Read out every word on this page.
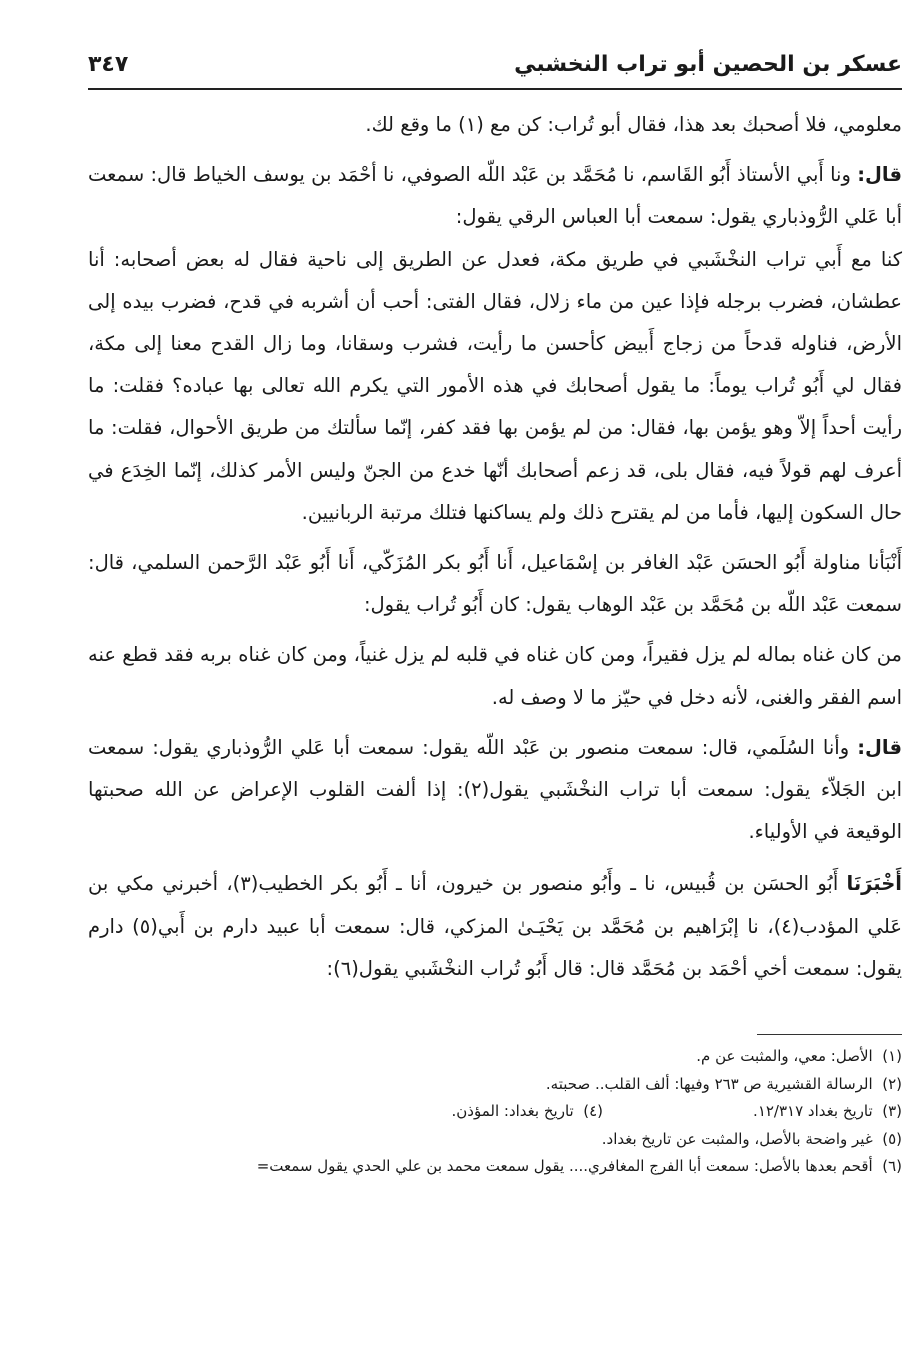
عسكر بن الحصين أبو تراب النخشبي
٣٤٧

معلومي، فلا أصحبك بعد هذا، فقال أبو تُراب: كن مع (١) ما وقع لك.

قال: ونا أَبي الأستاذ أَبُو القَاسم، نا مُحَمَّد بن عَبْد اللّه الصوفي، نا أحْمَد بن يوسف الخياط قال: سمعت أبا عَلي الرُّوذباري يقول: سمعت أبا العباس الرقي يقول:

كنا مع أَبي تراب النخْشَبي في طريق مكة، فعدل عن الطريق إلى ناحية فقال له بعض أصحابه: أنا عطشان، فضرب برجله فإذا عين من ماء زلال، فقال الفتى: أحب أن أشربه في قدح، فضرب بيده إلى الأرض، فناوله قدحاً من زجاج أَبيض كأحسن ما رأيت، فشرب وسقانا، وما زال القدح معنا إلى مكة، فقال لي أَبُو تُراب يوماً: ما يقول أصحابك في هذه الأمور التي يكرم الله تعالى بها عباده؟ فقلت: ما رأيت أحداً إلاّ وهو يؤمن بها، فقال: من لم يؤمن بها فقد كفر، إنّما سألتك من طريق الأحوال، فقلت: ما أعرف لهم قولاً فيه، فقال بلى، قد زعم أصحابك أنّها خدع من الجنّ وليس الأمر كذلك، إنّما الخِدَع في حال السكون إليها، فأما من لم يقترح ذلك ولم يساكنها فتلك مرتبة الربانيين.

أَنْبَأنا مناولة أَبُو الحسَن عَبْد الغافر بن إسْمَاعيل، أَنا أَبُو بكر المُزَكّي، أَنا أَبُو عَبْد الرَّحمن السلمي، قال: سمعت عَبْد اللّه بن مُحَمَّد بن عَبْد الوهاب يقول: كان أَبُو تُراب يقول:

من كان غناه بماله لم يزل فقيراً، ومن كان غناه في قلبه لم يزل غنياً، ومن كان غناه بربه فقد قطع عنه اسم الفقر والغنى، لأنه دخل في حيّز ما لا وصف له.

قال: وأنا السُلَمي، قال: سمعت منصور بن عَبْد اللّه يقول: سمعت أبا عَلي الرُّوذباري يقول: سمعت ابن الجَلاّء يقول: سمعت أبا تراب النخْشَبي يقول(٢): إذا ألفت القلوب الإعراض عن الله صحبتها الوقيعة في الأولياء.

أَخْبَرَنَا أَبُو الحسَن بن قُبيس، نا ـ وأَبُو منصور بن خيرون، أنا ـ أَبُو بكر الخطيب(٣)، أخبرني مكي بن عَلي المؤدب(٤)، نا إبْرَاهيم بن مُحَمَّد بن يَحْيَـىٰ المزكي، قال: سمعت أبا عبيد دارم بن أَبي(٥) دارم يقول: سمعت أخي أحْمَد بن مُحَمَّد قال: قال أَبُو تُراب النخْشَبي يقول(٦):

(١)  الأصل: معي، والمثبت عن م.
(٢)  الرسالة القشيرية ص ٢٦٣ وفيها: ألف القلب.. صحبته.
(٣)  تاريخ بغداد ١٢/٣١٧.
(٤)  تاريخ بغداد: المؤذن.
(٥)  غير واضحة بالأصل، والمثبت عن تاريخ بغداد.
(٦)  أقحم بعدها بالأصل: سمعت أبا الفرج المغافري.... يقول سمعت محمد بن علي الحدي يقول سمعت=
